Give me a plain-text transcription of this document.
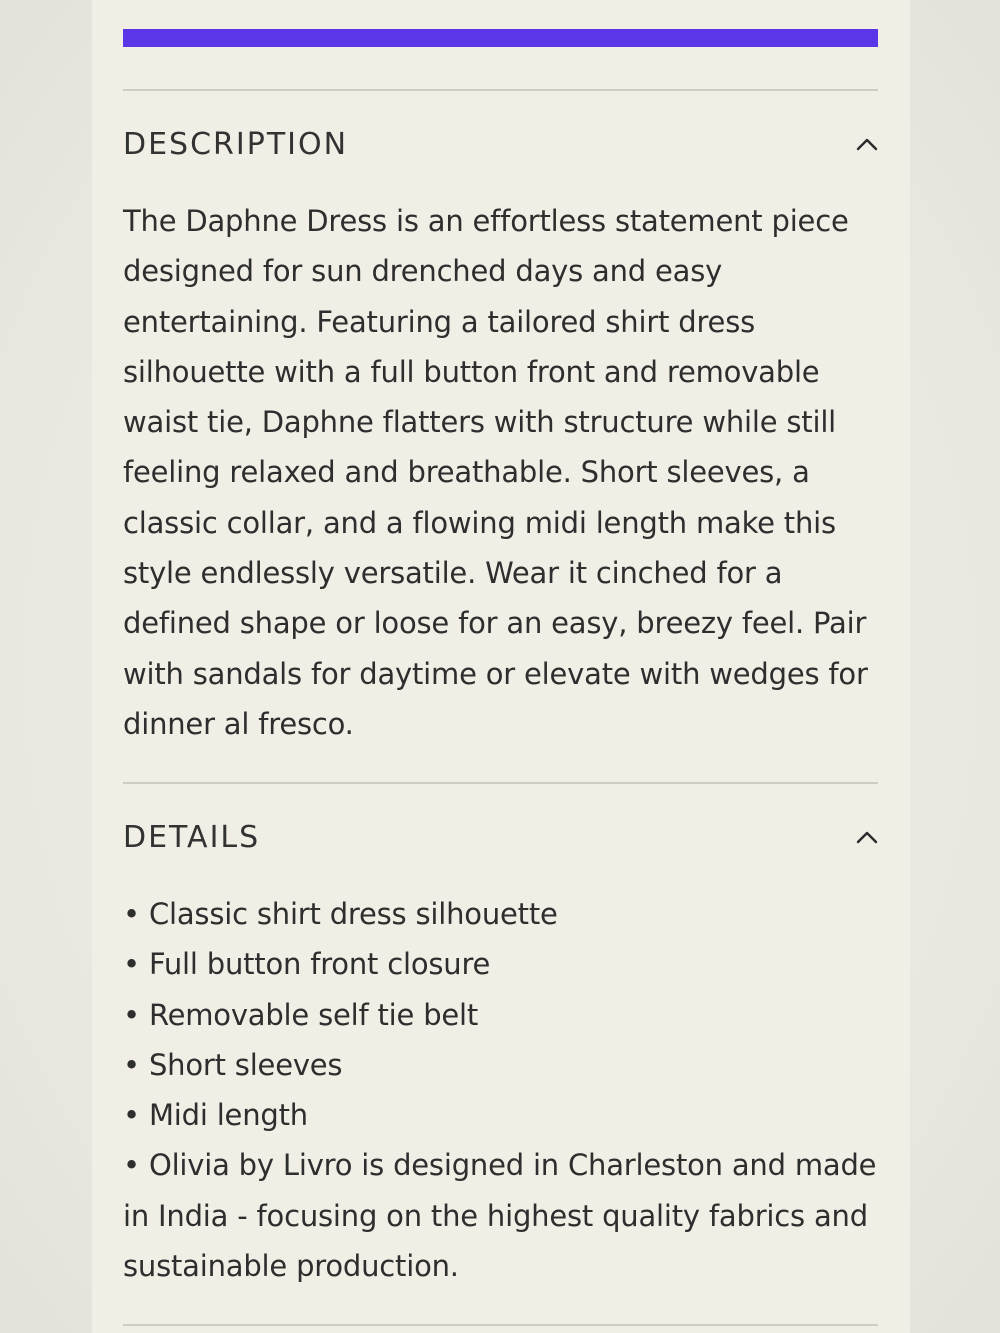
DESCRIPTION
The Daphne Dress is an effortless statement piece designed for sun drenched days and easy entertaining. Featuring a tailored shirt dress silhouette with a full button front and removable waist tie, Daphne flatters with structure while still feeling relaxed and breathable. Short sleeves, a classic collar, and a flowing midi length make this style endlessly versatile. Wear it cinched for a defined shape or loose for an easy, breezy feel. Pair with sandals for daytime or elevate with wedges for dinner al fresco.
DETAILS
• Classic shirt dress silhouette
• Full button front closure
• Removable self tie belt
• Short sleeves
• Midi length
• Olivia by Livro is designed in Charleston and made in India - focusing on the highest quality fabrics and sustainable production.
